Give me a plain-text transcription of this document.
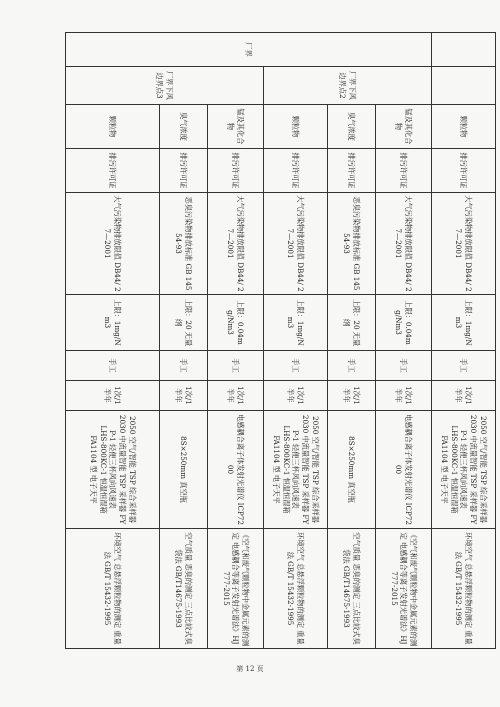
		颗粒物	排污许可证	大气污染物排放限值 DB44/ 27—2001	上限：1mg/Nm3	手工	1次/1半年	2050 空气/智能 TSP 综合采样器
2030 中流量智能 TSP 采样器 FYP-1 轻便三杯风向风速表
LHS-800KC-1 恒温恒湿箱
FA1104 型 电子天平	环境空气 总悬浮颗粒物的测定 重量法 GB/T 15432-1995
厂界	厂界下风边界点2	锰及其化合物	排污许可证	大气污染物排放限值 DB44/ 27—2001	上限：0.04mg/Nm3	手工	1次/1半年	电感耦合离子体发射光谱仪 ICP7200	《空气和废气颗粒物中金属元素的测定 电感耦合等离子发射光谱法》HJ 777-2015
		臭气浓度	排污许可证	恶臭污染物排放标准 GB 14554-93	上限：20 无量纲	手工	1次/1半年	8S×250mm 真空瓶	空气质量 恶臭的测定 三点比较式臭袋法 GB/T14675-1993
		颗粒物	排污许可证	大气污染物排放限值 DB44/ 27—2001	上限：1mg/Nm3	手工	1次/1半年	2050 空气/智能 TSP 综合采样器
2030 中流量智能 TSP 采样器 FYP-1 轻便三杯风向风速表
LHS-800KC-1 恒温恒湿箱
FA1104 型 电子天平	环境空气 总悬浮颗粒物的测定 重量法 GB/T 15432-1995
	厂界下风边界点3	锰及其化合物	排污许可证	大气污染物排放限值 DB44/ 27—2001	上限：0.04mg/Nm3	手工	1次/1半年	电感耦合离子体发射光谱仪 ICP7200	《空气和废气颗粒物中金属元素的测定 电感耦合等离子发射光谱法》HJ 777-2015
		臭气浓度	排污许可证	恶臭污染物排放标准 GB 14554-93	上限：20 无量纲	手工	1次/1半年	8S×250mm 真空瓶	空气质量 恶臭的测定 三点比较式臭袋法 GB/T14675-1993
		颗粒物	排污许可证	大气污染物排放限值 DB44/ 27—2001	上限：1mg/Nm3	手工	1次/1半年	2050 空气/智能 TSP 综合采样器
2030 中流量智能 TSP 采样器 FYP-1 轻便三杯风向风速表
LHS-800KC-1 恒温恒湿箱
FA1104 型 电子天平	环境空气 总悬浮颗粒物的测定 重量法 GB/T 15432-1995
第 12 页
